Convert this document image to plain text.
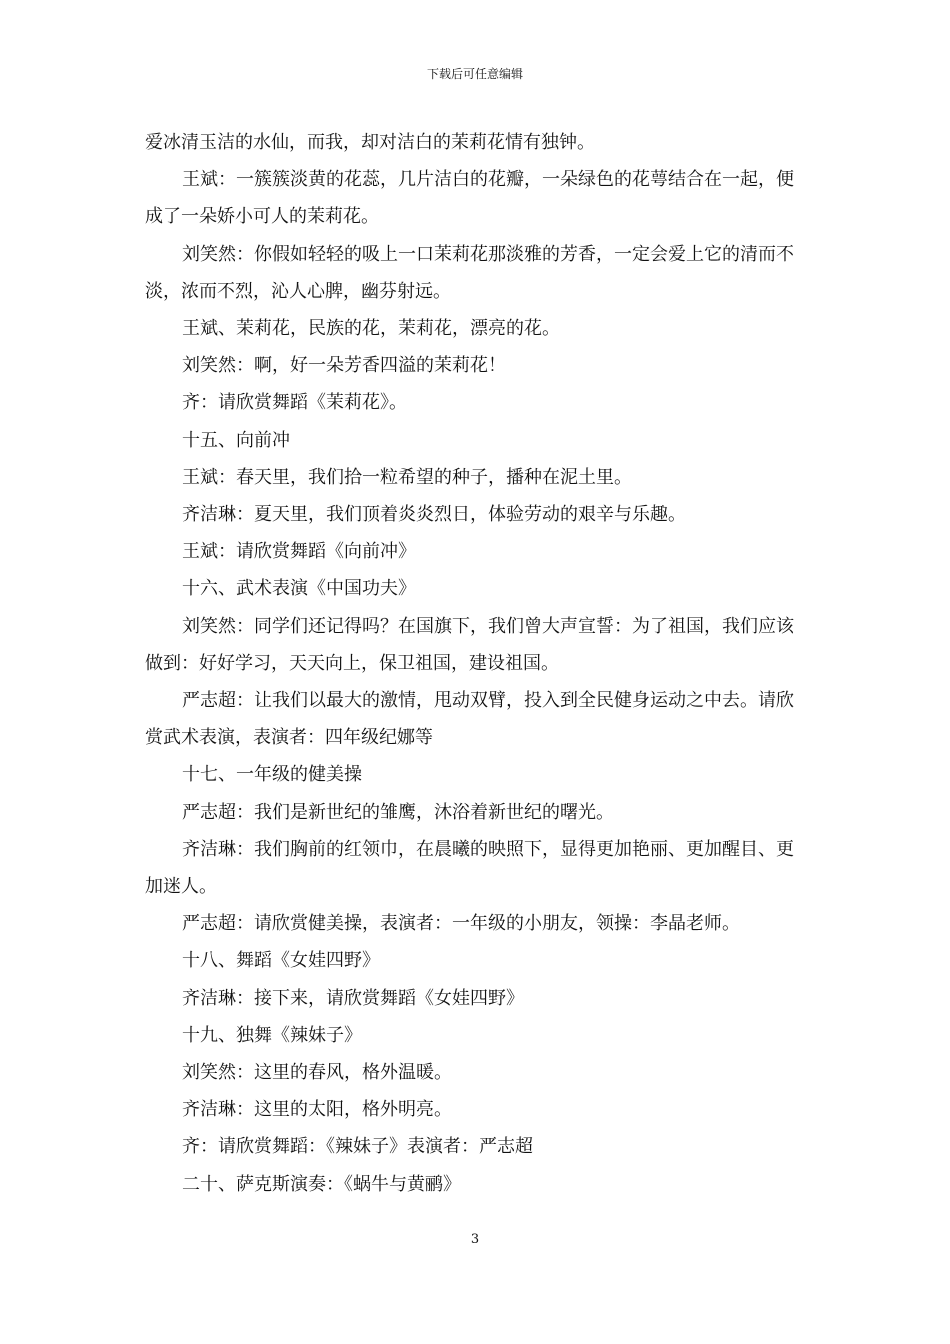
下载后可任意编辑

爱冰清玉洁的水仙，而我，却对洁白的茉莉花情有独钟。

王斌：一簇簇淡黄的花蕊，几片洁白的花瓣，一朵绿色的花萼结合在一起，便成了一朵娇小可人的茉莉花。

刘笑然：你假如轻轻的吸上一口茉莉花那淡雅的芳香，一定会爱上它的清而不淡，浓而不烈，沁人心脾，幽芬射远。

王斌、茉莉花，民族的花，茉莉花，漂亮的花。

刘笑然：啊，好一朵芳香四溢的茉莉花！

齐：请欣赏舞蹈《茉莉花》。

十五、向前冲

王斌：春天里，我们拾一粒希望的种子，播种在泥土里。

齐洁琳：夏天里，我们顶着炎炎烈日，体验劳动的艰辛与乐趣。

王斌：请欣赏舞蹈《向前冲》

十六、武术表演《中国功夫》

刘笑然：同学们还记得吗？在国旗下，我们曾大声宣誓：为了祖国，我们应该做到：好好学习，天天向上，保卫祖国，建设祖国。

严志超：让我们以最大的激情，甩动双臂，投入到全民健身运动之中去。请欣赏武术表演，表演者：四年级纪娜等

十七、一年级的健美操

严志超：我们是新世纪的雏鹰，沐浴着新世纪的曙光。

齐洁琳：我们胸前的红领巾，在晨曦的映照下，显得更加艳丽、更加醒目、更加迷人。

严志超：请欣赏健美操，表演者：一年级的小朋友，领操：李晶老师。

十八、舞蹈《女娃四野》

齐洁琳：接下来，请欣赏舞蹈《女娃四野》

十九、独舞《辣妹子》

刘笑然：这里的春风，格外温暖。

齐洁琳：这里的太阳，格外明亮。

齐：请欣赏舞蹈：《辣妹子》表演者：严志超

二十、萨克斯演奏：《蜗牛与黄鹂》

3
